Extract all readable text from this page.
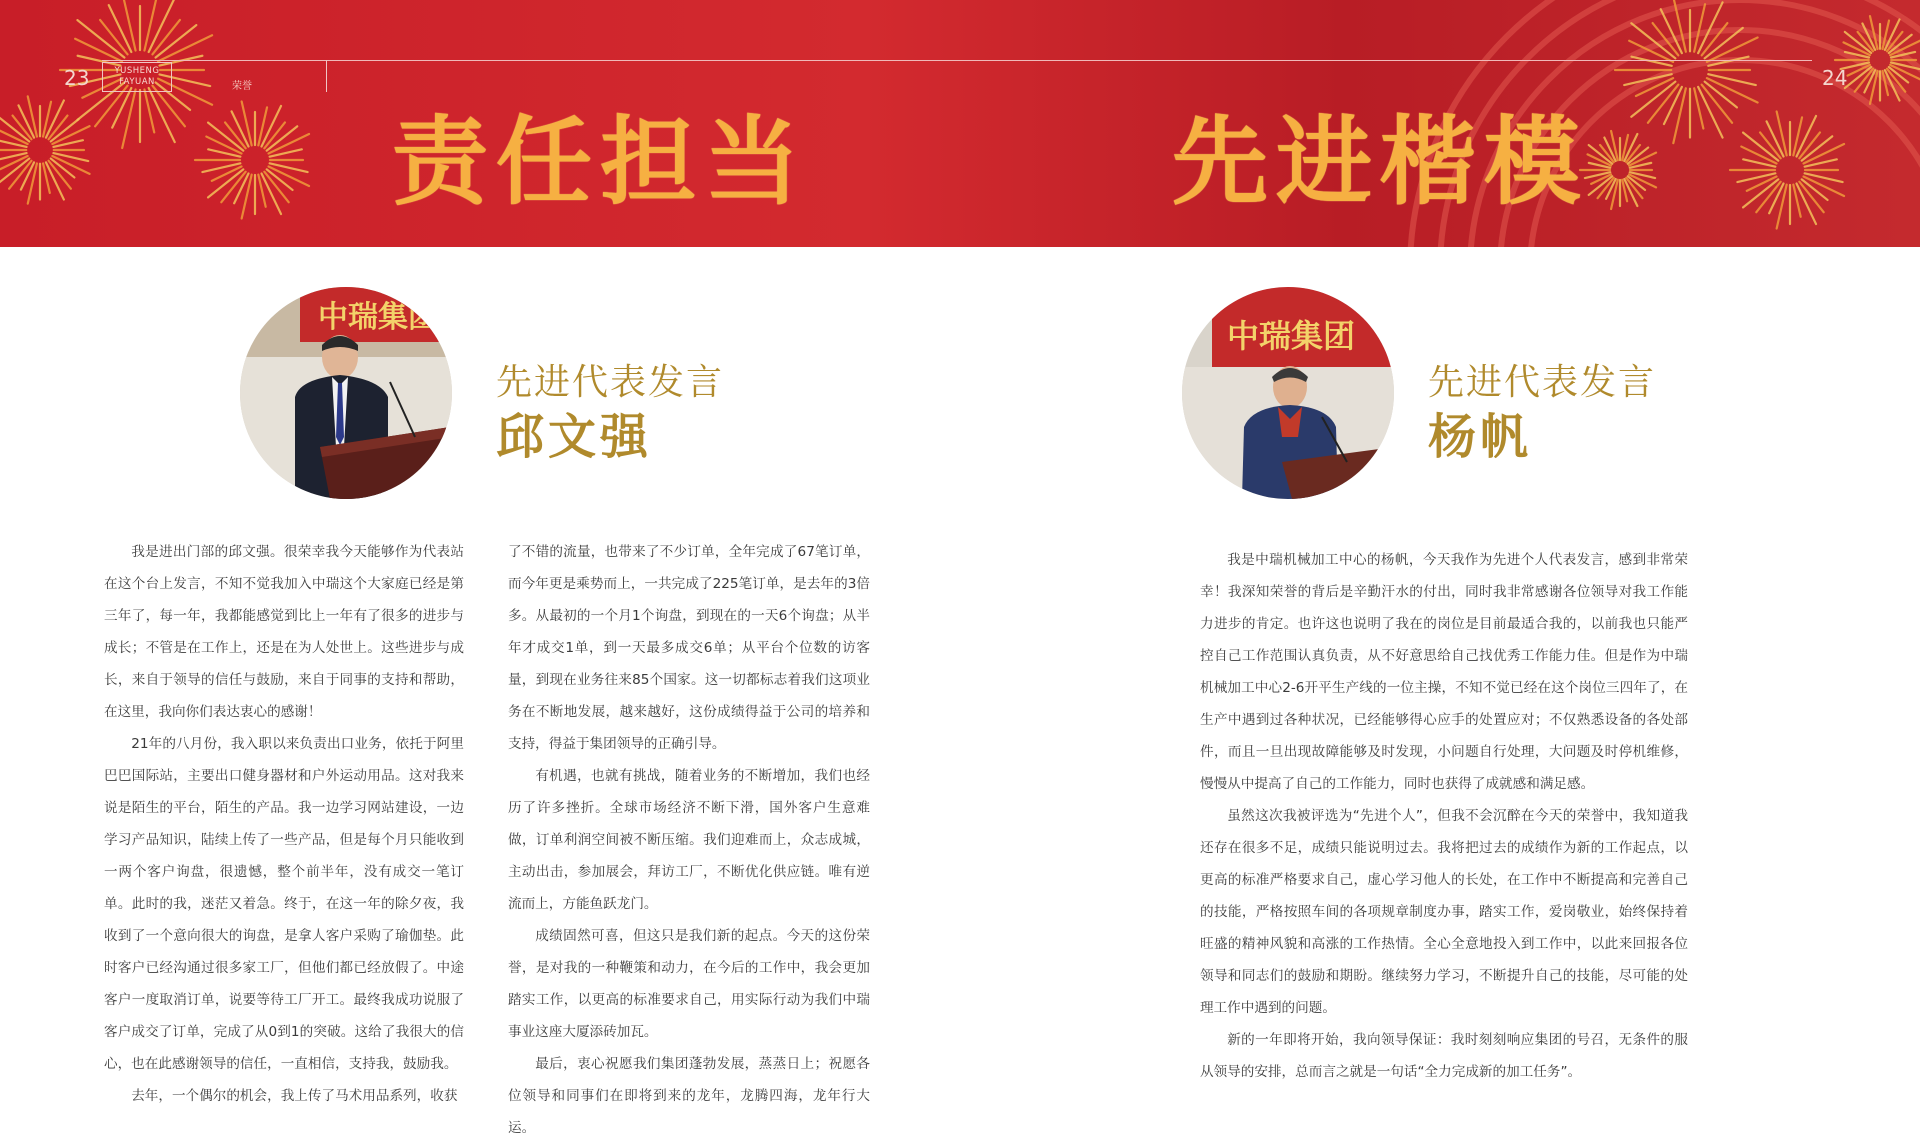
23	24
YUSHENG
FAYUAN	荣誉
责任担当	先进楷模
中瑞集团
先进代表发言
邱文强

我是进出门部的邱文强。很荣幸我今天能够作为代表站在这个台上发言，不知不觉我加入中瑞这个大家庭已经是第三年了，每一年，我都能感觉到比上一年有了很多的进步与成长；不管是在工作上，还是在为人处世上。这些进步与成长，来自于领导的信任与鼓励，来自于同事的支持和帮助，在这里，我向你们表达衷心的感谢！

21年的八月份，我入职以来负责出口业务，依托于阿里巴巴国际站，主要出口健身器材和户外运动用品。这对我来说是陌生的平台，陌生的产品。我一边学习网站建设，一边学习产品知识，陆续上传了一些产品，但是每个月只能收到一两个客户询盘，很遗憾，整个前半年，没有成交一笔订单。此时的我，迷茫又着急。终于，在这一年的除夕夜，我收到了一个意向很大的询盘，是拿人客户采购了瑜伽垫。此时客户已经沟通过很多家工厂，但他们都已经放假了。中途客户一度取消订单，说要等待工厂开工。最终我成功说服了客户成交了订单，完成了从0到1的突破。这给了我很大的信心，也在此感谢领导的信任，一直相信，支持我，鼓励我。

去年，一个偶尔的机会，我上传了马术用品系列，收获

了不错的流量，也带来了不少订单，全年完成了67笔订单，而今年更是乘势而上，一共完成了225笔订单，是去年的3倍多。从最初的一个月1个询盘，到现在的一天6个询盘；从半年才成交1单，到一天最多成交6单；从平台个位数的访客量，到现在业务往来85个国家。这一切都标志着我们这项业务在不断地发展，越来越好，这份成绩得益于公司的培养和支持，得益于集团领导的正确引导。

有机遇，也就有挑战，随着业务的不断增加，我们也经历了许多挫折。全球市场经济不断下滑，国外客户生意难做，订单利润空间被不断压缩。我们迎难而上，众志成城，主动出击，参加展会，拜访工厂，不断优化供应链。唯有逆流而上，方能鱼跃龙门。

成绩固然可喜，但这只是我们新的起点。今天的这份荣誉，是对我的一种鞭策和动力，在今后的工作中，我会更加踏实工作，以更高的标准要求自己，用实际行动为我们中瑞事业这座大厦添砖加瓦。

最后，衷心祝愿我们集团蓬勃发展，蒸蒸日上；祝愿各位领导和同事们在即将到来的龙年，龙腾四海，龙年行大运。

中瑞集团
先进代表发言
杨帆

我是中瑞机械加工中心的杨帆，今天我作为先进个人代表发言，感到非常荣幸！我深知荣誉的背后是辛勤汗水的付出，同时我非常感谢各位领导对我工作能力进步的肯定。也许这也说明了我在的岗位是目前最适合我的，以前我也只能严控自己工作范围认真负责，从不好意思给自己找优秀工作能力佳。但是作为中瑞机械加工中心2-6开平生产线的一位主操，不知不觉已经在这个岗位三四年了，在生产中遇到过各种状况，已经能够得心应手的处置应对；不仅熟悉设备的各处部件，而且一旦出现故障能够及时发现，小问题自行处理，大问题及时停机维修，慢慢从中提高了自己的工作能力，同时也获得了成就感和满足感。

虽然这次我被评选为“先进个人”，但我不会沉醉在今天的荣誉中，我知道我还存在很多不足，成绩只能说明过去。我将把过去的成绩作为新的工作起点，以更高的标准严格要求自己，虚心学习他人的长处，在工作中不断提高和完善自己的技能，严格按照车间的各项规章制度办事，踏实工作，爱岗敬业，始终保持着旺盛的精神风貌和高涨的工作热情。全心全意地投入到工作中，以此来回报各位领导和同志们的鼓励和期盼。继续努力学习，不断提升自己的技能，尽可能的处理工作中遇到的问题。

新的一年即将开始，我向领导保证：我时刻刻响应集团的号召，无条件的服从领导的安排，总而言之就是一句话“全力完成新的加工任务”。
